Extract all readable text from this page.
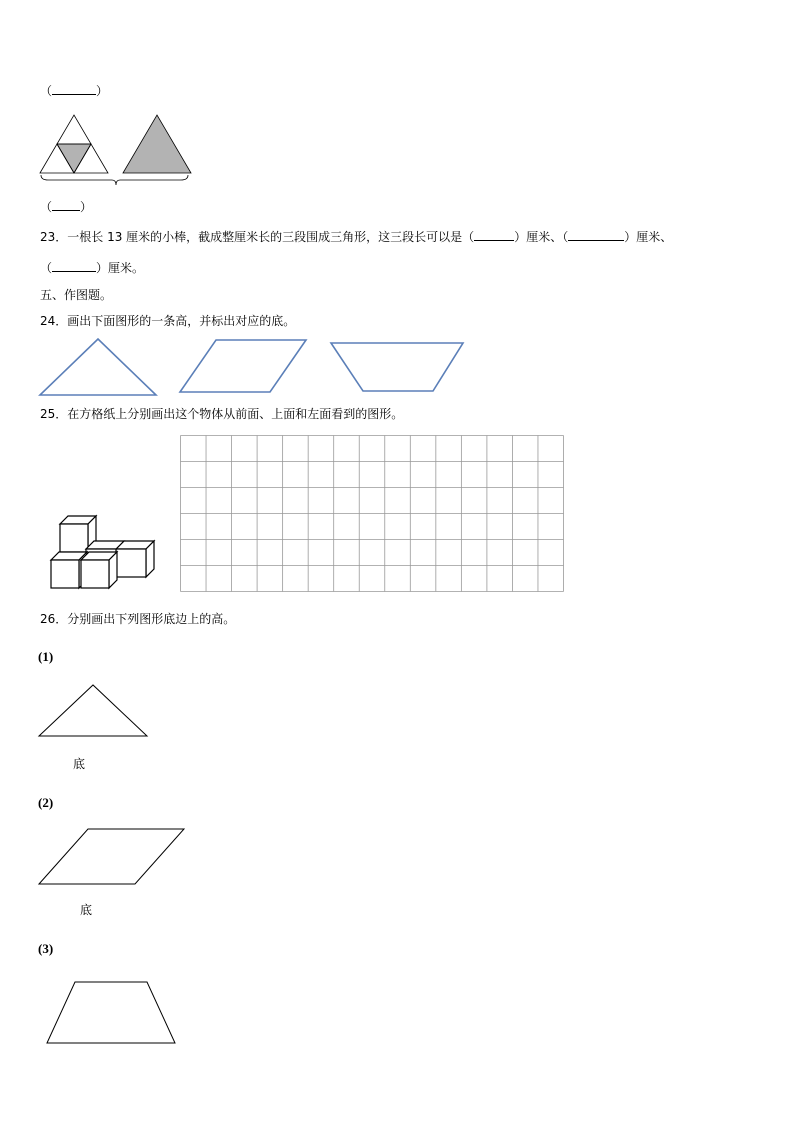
（	）
（ ）
23．一根长 13 厘米的小棒，截成整厘米长的三段围成三角形，这三段长可以是（	）厘米、（	）厘米、
（	）厘米。
五、作图题。
24．画出下面图形的一条高，并标出对应的底。
25．在方格纸上分别画出这个物体从前面、上面和左面看到的图形。
26．分别画出下列图形底边上的高。
(1)
底
(2)
底
(3)
